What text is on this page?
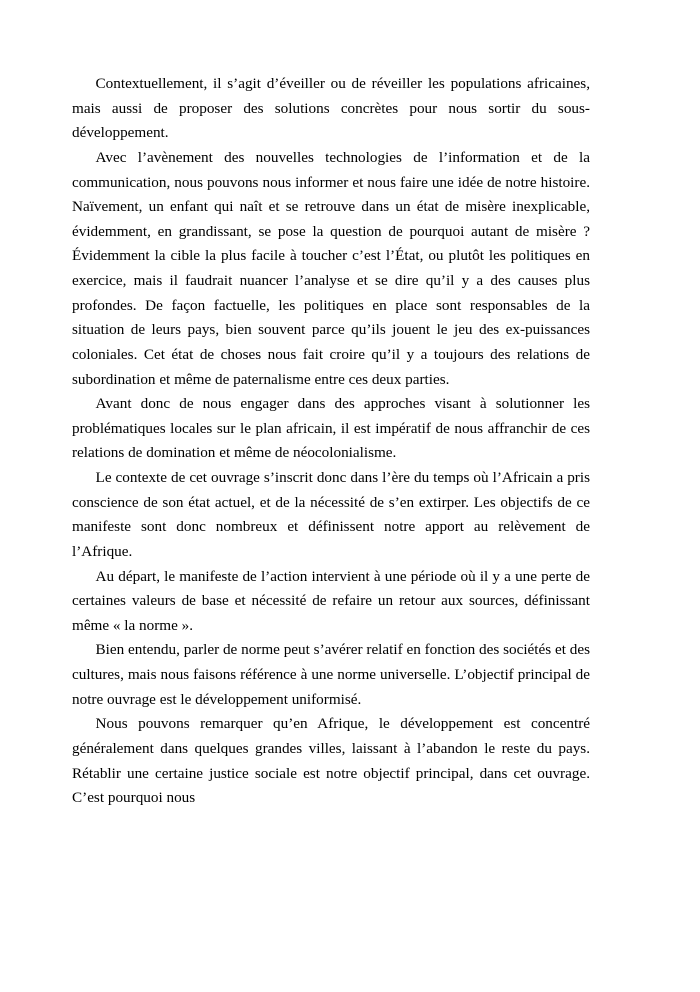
Contextuellement, il s’agit d’éveiller ou de réveiller les populations africaines, mais aussi de proposer des solutions concrètes pour nous sortir du sous-développement.

Avec l’avènement des nouvelles technologies de l’information et de la communication, nous pouvons nous informer et nous faire une idée de notre histoire. Naïvement, un enfant qui naît et se retrouve dans un état de misère inexplicable, évidemment, en grandissant, se pose la question de pourquoi autant de misère ? Évidemment la cible la plus facile à toucher c’est l’État, ou plutôt les politiques en exercice, mais il faudrait nuancer l’analyse et se dire qu’il y a des causes plus profondes. De façon factuelle, les politiques en place sont responsables de la situation de leurs pays, bien souvent parce qu’ils jouent le jeu des ex-puissances coloniales. Cet état de choses nous fait croire qu’il y a toujours des relations de subordination et même de paternalisme entre ces deux parties.

Avant donc de nous engager dans des approches visant à solutionner les problématiques locales sur le plan africain, il est impératif de nous affranchir de ces relations de domination et même de néocolonialisme.

Le contexte de cet ouvrage s’inscrit donc dans l’ère du temps où l’Africain a pris conscience de son état actuel, et de la nécessité de s’en extirper. Les objectifs de ce manifeste sont donc nombreux et définissent notre apport au relèvement de l’Afrique.

Au départ, le manifeste de l’action intervient à une période où il y a une perte de certaines valeurs de base et nécessité de refaire un retour aux sources, définissant même « la norme ».

Bien entendu, parler de norme peut s’avérer relatif en fonction des sociétés et des cultures, mais nous faisons référence à une norme universelle. L’objectif principal de notre ouvrage est le développement uniformisé.

Nous pouvons remarquer qu’en Afrique, le développement est concentré généralement dans quelques grandes villes, laissant à l’abandon le reste du pays. Rétablir une certaine justice sociale est notre objectif principal, dans cet ouvrage. C’est pourquoi nous
